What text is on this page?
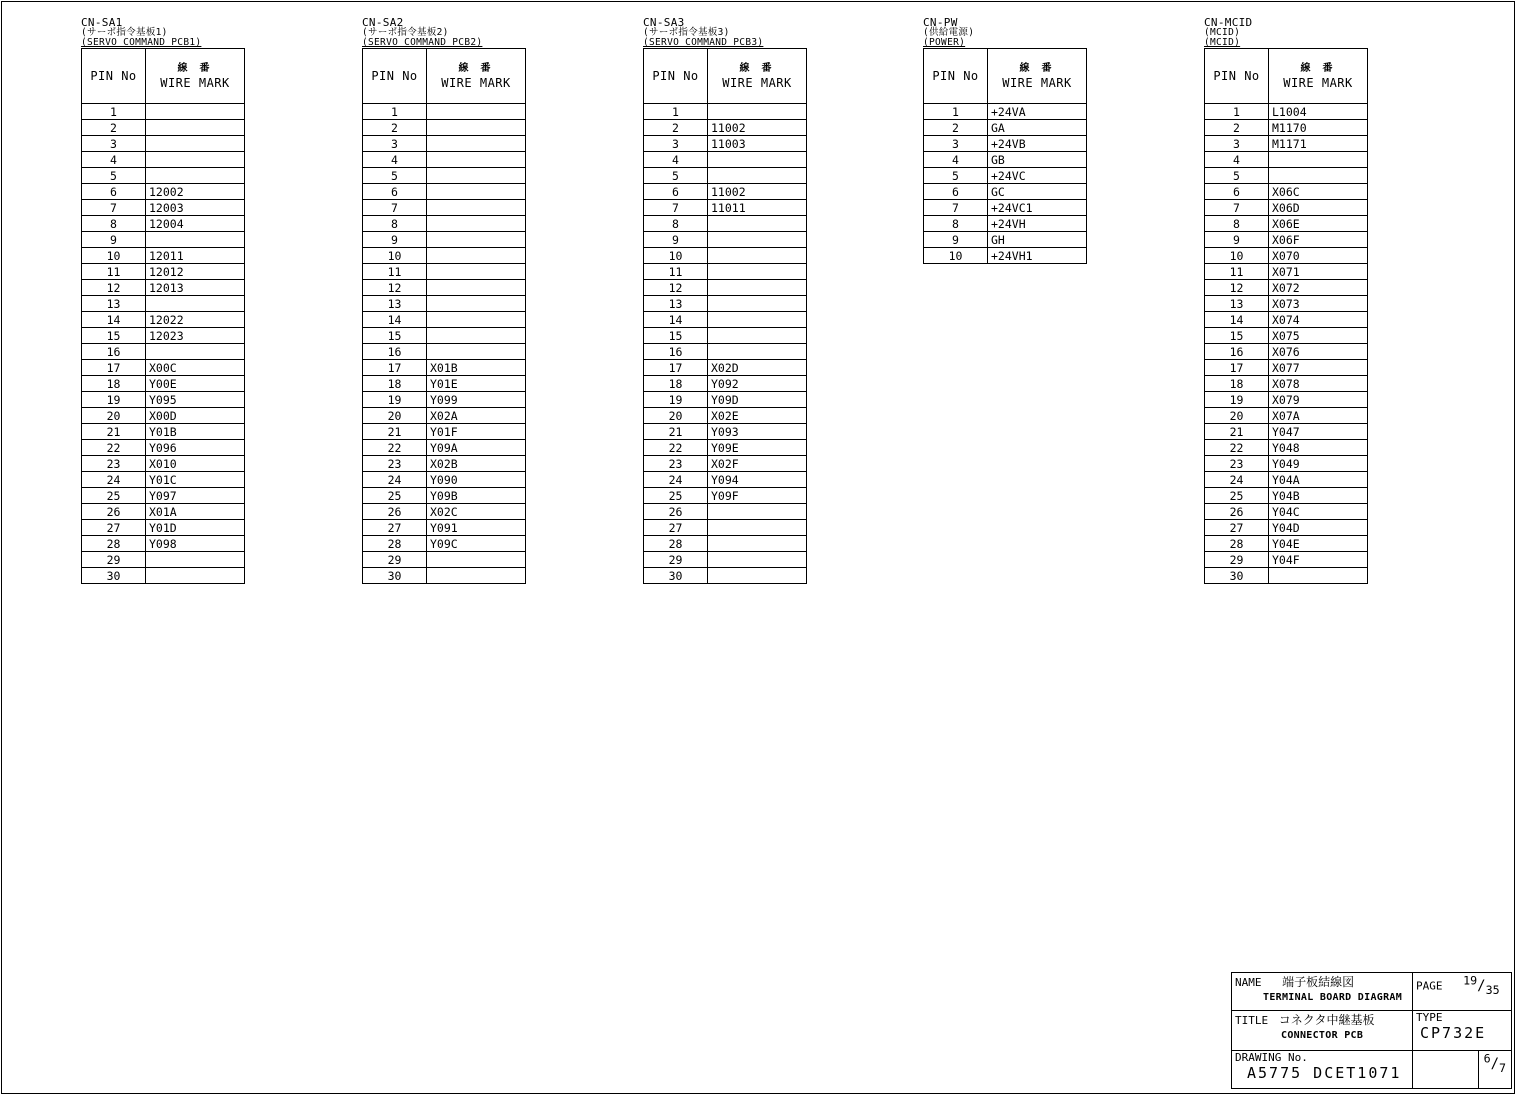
CN-SA1
(サーボ指令基板1)
(SERVO COMMAND PCB1)
PIN No	線 番
WIRE MARK
1	
2	
3	
4	
5	
6	12002
7	12003
8	12004
9	
10	12011
11	12012
12	12013
13	
14	12022
15	12023
16	
17	X00C
18	Y00E
19	Y095
20	X00D
21	Y01B
22	Y096
23	X010
24	Y01C
25	Y097
26	X01A
27	Y01D
28	Y098
29	
30	
CN-SA2
(サーボ指令基板2)
(SERVO COMMAND PCB2)
PIN No	線 番
WIRE MARK
1	
2	
3	
4	
5	
6	
7	
8	
9	
10	
11	
12	
13	
14	
15	
16	
17	X01B
18	Y01E
19	Y099
20	X02A
21	Y01F
22	Y09A
23	X02B
24	Y090
25	Y09B
26	X02C
27	Y091
28	Y09C
29	
30	
CN-SA3
(サーボ指令基板3)
(SERVO COMMAND PCB3)
PIN No	線 番
WIRE MARK
1	
2	11002
3	11003
4	
5	
6	11002
7	11011
8	
9	
10	
11	
12	
13	
14	
15	
16	
17	X02D
18	Y092
19	Y09D
20	X02E
21	Y093
22	Y09E
23	X02F
24	Y094
25	Y09F
26	
27	
28	
29	
30	
CN-PW
(供給電源)
(POWER)
PIN No	線 番
WIRE MARK
1	+24VA
2	GA
3	+24VB
4	GB
5	+24VC
6	GC
7	+24VC1
8	+24VH
9	GH
10	+24VH1
CN-MCID
(MCID)
(MCID)
PIN No	線 番
WIRE MARK
1	L1004
2	M1170
3	M1171
4	
5	
6	X06C
7	X06D
8	X06E
9	X06F
10	X070
11	X071
12	X072
13	X073
14	X074
15	X075
16	X076
17	X077
18	X078
19	X079
20	X07A
21	Y047
22	Y048
23	Y049
24	Y04A
25	Y04B
26	Y04C
27	Y04D
28	Y04E
29	Y04F
30	
NAME 端子板結線図
TERMINAL BOARD DIAGRAM	PAGE $^{19}/_{35}$
TITLE コネクタ中継基板
CONNECTOR PCB	TYPE
CP732E	
DRAWING No.
A5775 DCET1071		$^6/_7$
